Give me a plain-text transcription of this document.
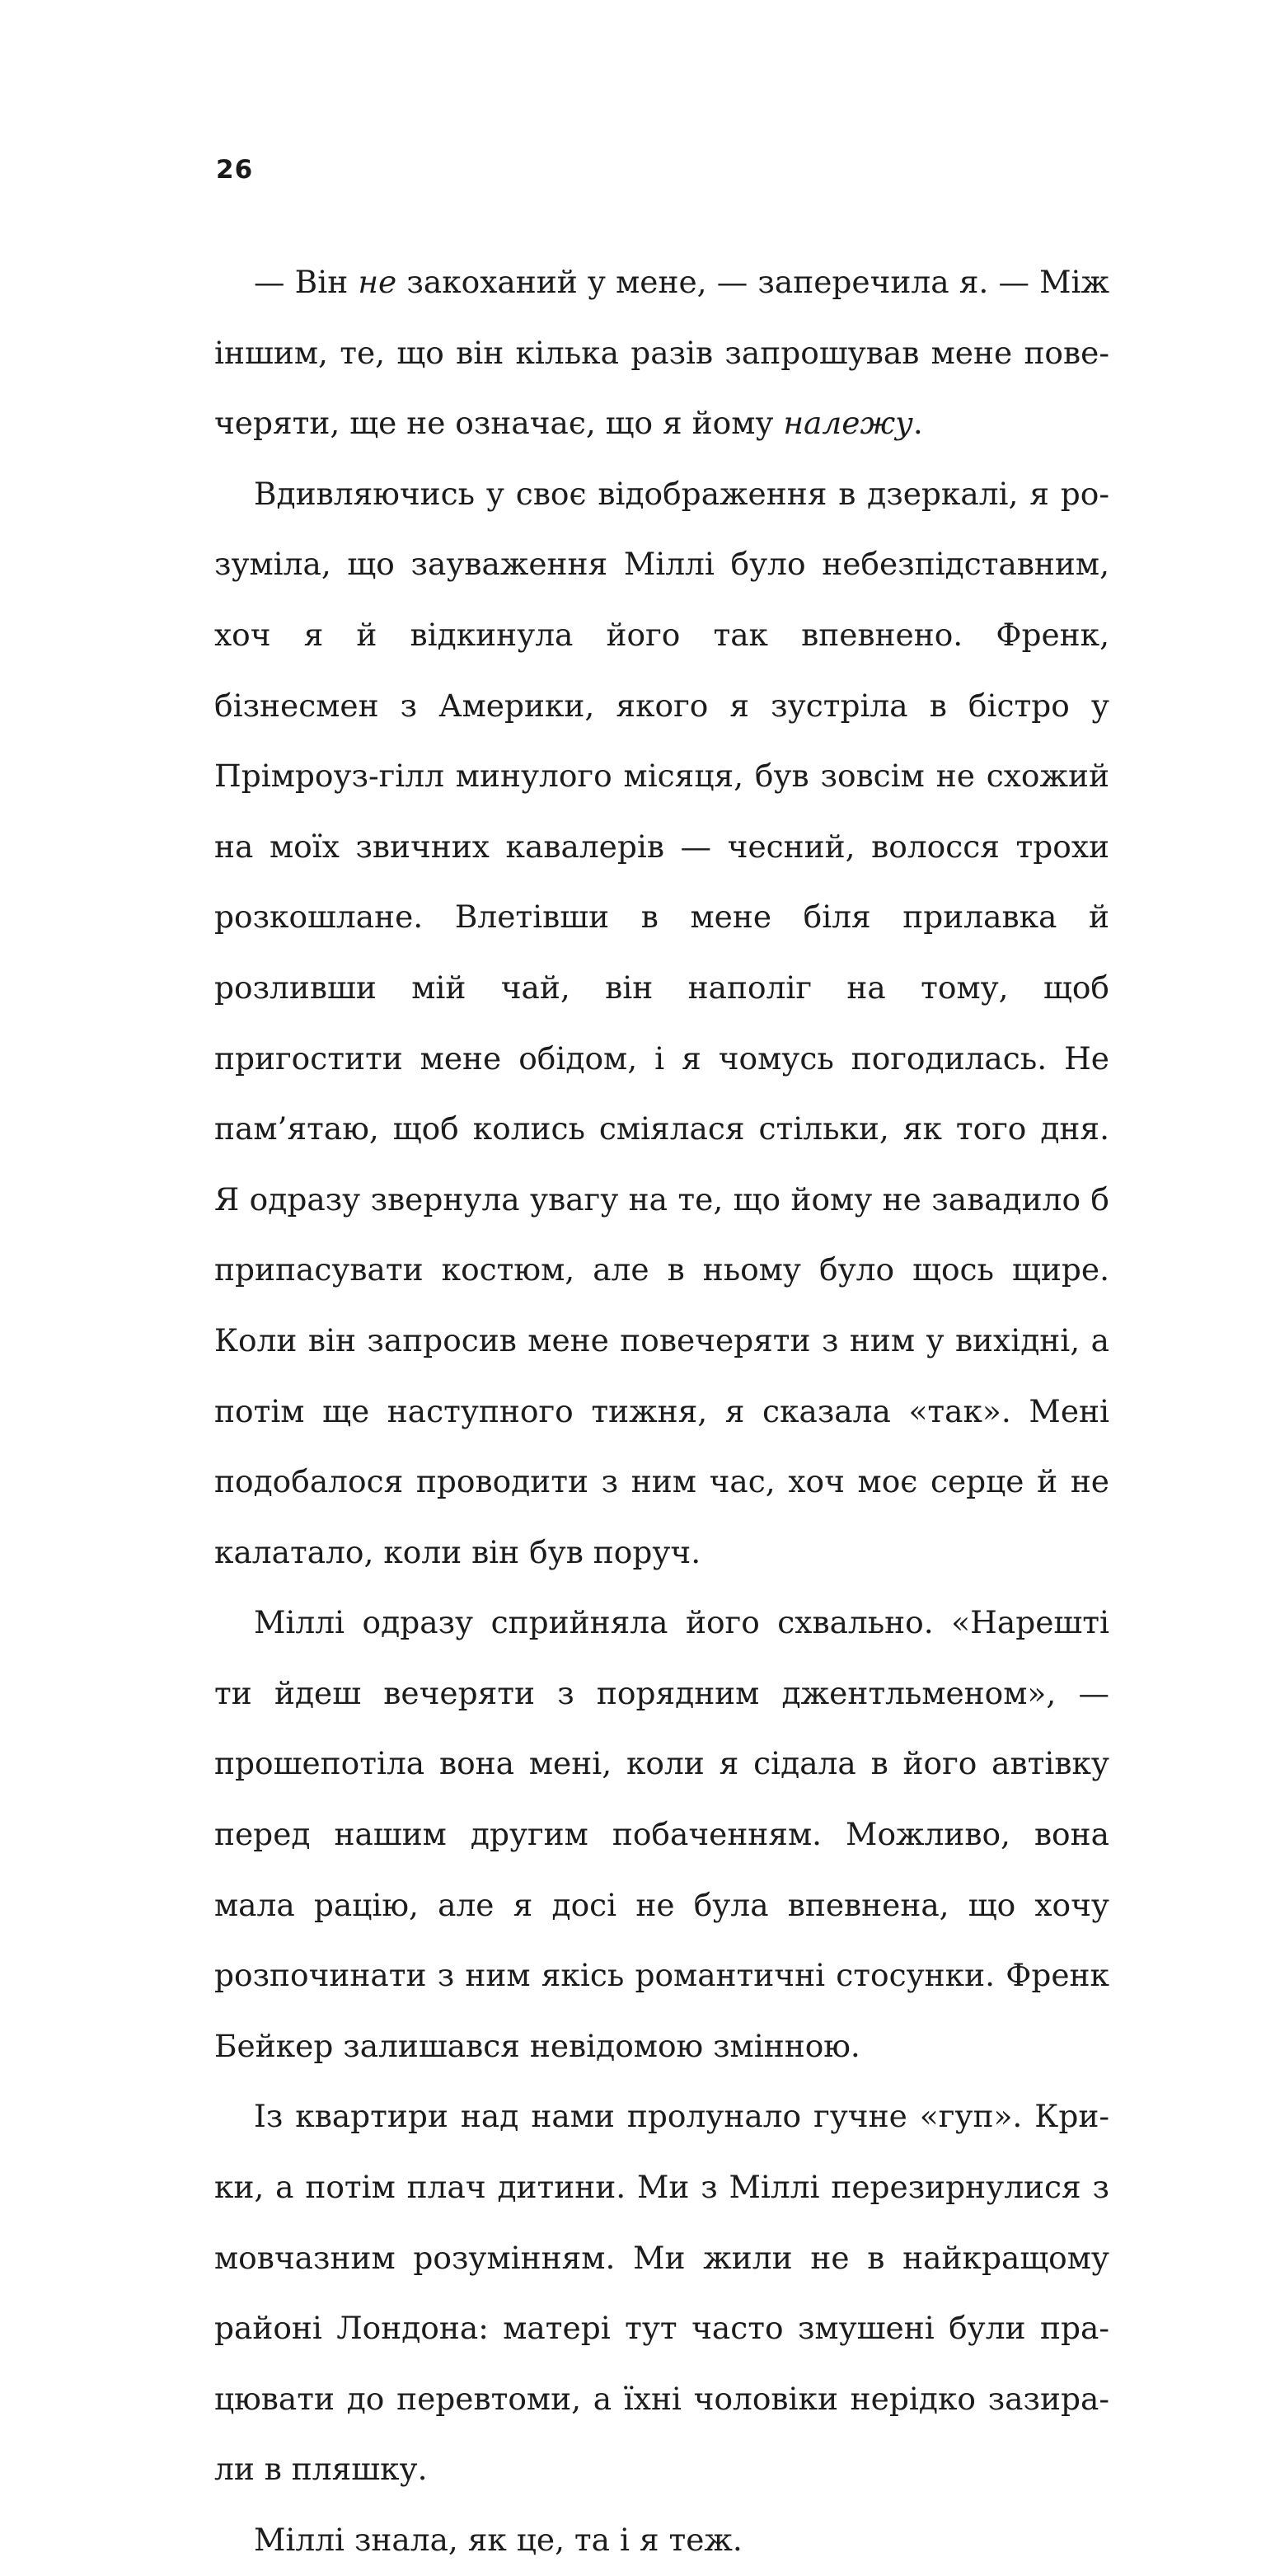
26

— Він не закоханий у мене, — заперечила я. — Між іншим, те, що він кілька разів запрошував мене повечеряти, ще не означає, що я йому належу.

Вдивляючись у своє відображення в дзеркалі, я розуміла, що зауваження Міллі було небезпідставним, хоч я й відкинула його так впевнено. Френк, бізнесмен з Америки, якого я зустріла в бістро у Прімроуз-гілл минулого місяця, був зовсім не схожий на моїх звичних кавалерів — чесний, волосся трохи розкошлане. Влетівши в мене біля прилавка й розливши мій чай, він наполіг на тому, щоб пригостити мене обідом, і я чомусь погодилась. Не пам’ятаю, щоб колись сміялася стільки, як того дня. Я одразу звернула увагу на те, що йому не завадило б припасувати костюм, але в ньому було щось щире. Коли він запросив мене повечеряти з ним у вихідні, а потім ще наступного тижня, я сказала «так». Мені подобалося проводити з ним час, хоч моє серце й не калатало, коли він був поруч.

Міллі одразу сприйняла його схвально. «Нарешті ти йдеш вечеряти з порядним джентльменом», — прошепотіла вона мені, коли я сідала в його автівку перед нашим другим побаченням. Можливо, вона мала рацію, але я досі не була впевнена, що хочу розпочинати з ним якісь романтичні стосунки. Френк Бейкер залишався невідомою змінною.

Із квартири над нами пролунало гучне «гуп». Крики, а потім плач дитини. Ми з Міллі перезирнулися з мовчазним розумінням. Ми жили не в найкращому районі Лондона: матері тут часто змушені були працювати до перевтоми, а їхні чоловіки нерідко зазирали в пляшку.

Міллі знала, як це, та і я теж.
